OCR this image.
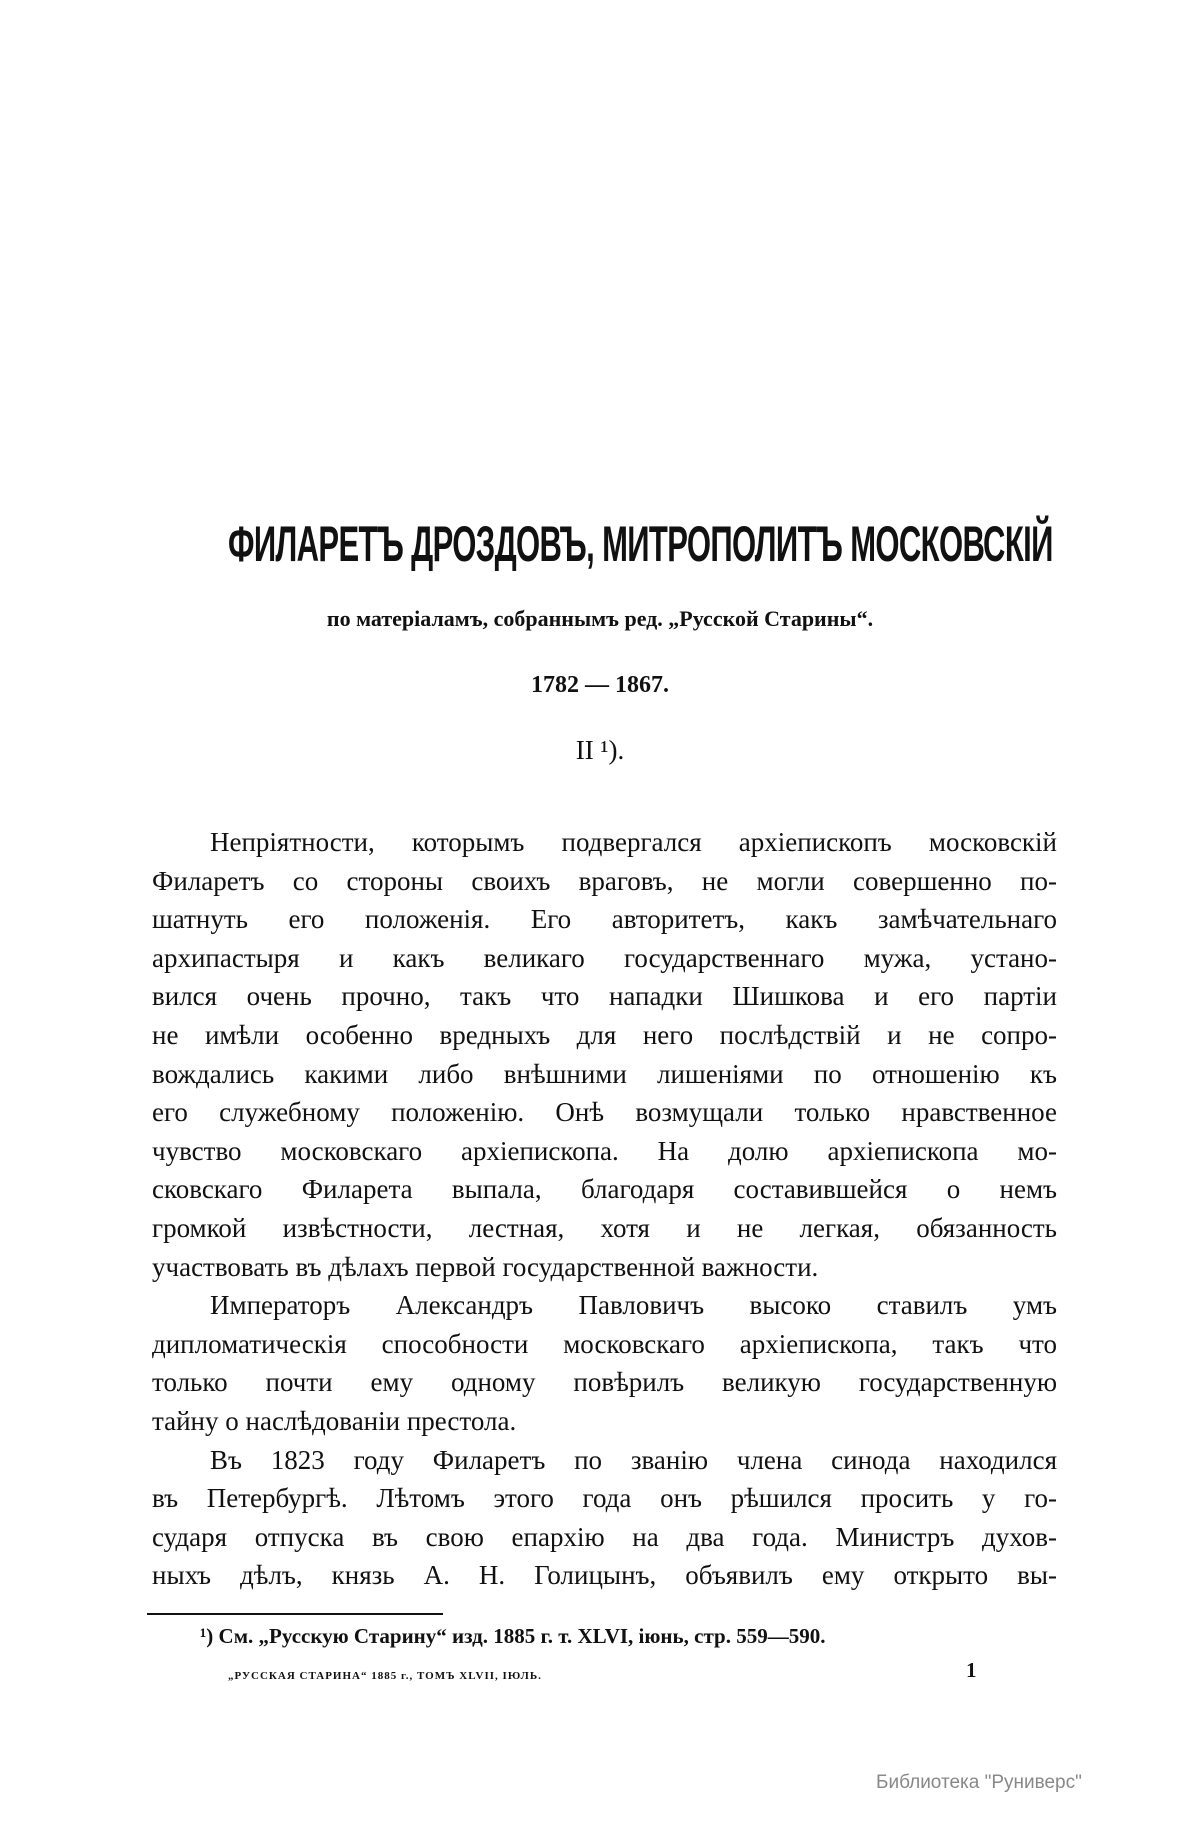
ФИЛАРЕТЪ ДРОЗДОВЪ, МИТРОПОЛИТЪ МОСКОВСКІЙ
по матеріаламъ, собраннымъ ред. „Русской Старины“.
1782 — 1867.
II ¹).
Непріятности, которымъ подвергался архіепископъ московскій
Филаретъ со стороны своихъ враговъ, не могли совершенно по-
шатнуть его положенія. Его авторитетъ, какъ замѣчательнаго
архипастыря и какъ великаго государственнаго мужа, устано-
вился очень прочно, такъ что нападки Шишкова и его партіи
не имѣли особенно вредныхъ для него послѣдствій и не сопро-
вождались какими либо внѣшними лишеніями по отношенію къ
его служебному положенію. Онѣ возмущали только нравственное
чувство московскаго архіепископа. На долю архіепископа мо-
сковскаго Филарета выпала, благодаря составившейся о немъ
громкой извѣстности, лестная, хотя и не легкая, обязанность
участвовать въ дѣлахъ первой государственной важности.
Императоръ Александръ Павловичъ высоко ставилъ умъ
дипломатическія способности московскаго архіепископа, такъ что
только почти ему одному повѣрилъ великую государственную
тайну о наслѣдованіи престола.
Въ 1823 году Филаретъ по званію члена синода находился
въ Петербургѣ. Лѣтомъ этого года онъ рѣшился просить у го-
сударя отпуска въ свою епархію на два года. Министръ духов-
ныхъ дѣлъ, князь А. Н. Голицынъ, объявилъ ему открыто вы-
¹) См. „Русскую Старину“ изд. 1885 г. т. XLVI, іюнь, стр. 559—590.
„РУССКАЯ СТАРИНА“ 1885 г., ТОМЪ XLVII, ІЮЛЬ.	1
Библиотека "Руниверс"
